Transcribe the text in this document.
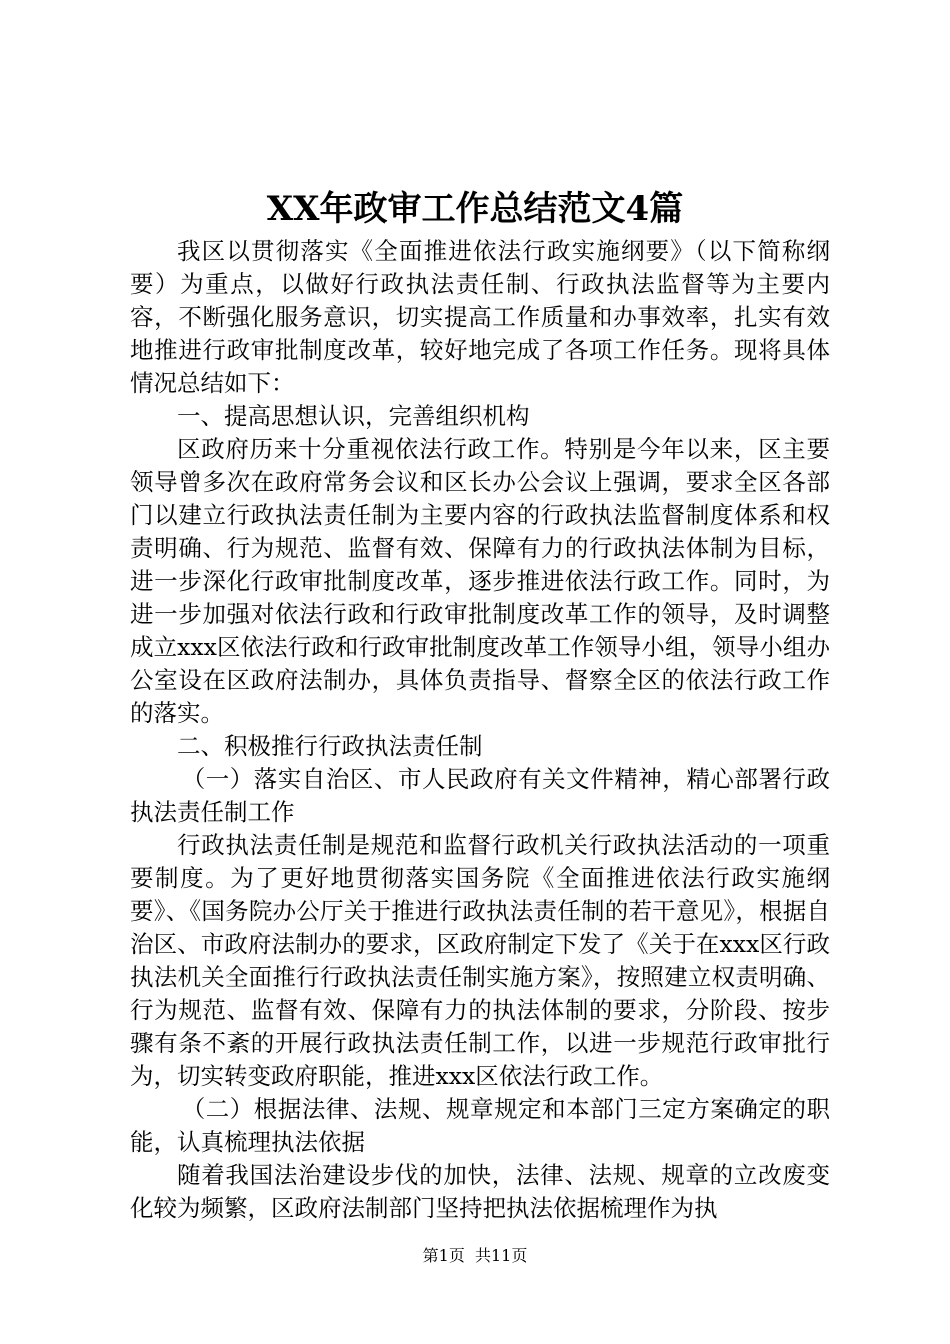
XX年政审工作总结范文4篇

我区以贯彻落实《全面推进依法行政实施纲要》（以下简称纲要）为重点，以做好行政执法责任制、行政执法监督等为主要内容，不断强化服务意识，切实提高工作质量和办事效率，扎实有效地推进行政审批制度改革，较好地完成了各项工作任务。现将具体情况总结如下：

一、提高思想认识，完善组织机构

区政府历来十分重视依法行政工作。特别是今年以来，区主要领导曾多次在政府常务会议和区长办公会议上强调，要求全区各部门以建立行政执法责任制为主要内容的行政执法监督制度体系和权责明确、行为规范、监督有效、保障有力的行政执法体制为目标，进一步深化行政审批制度改革，逐步推进依法行政工作。同时，为进一步加强对依法行政和行政审批制度改革工作的领导，及时调整成立xxx区依法行政和行政审批制度改革工作领导小组，领导小组办公室设在区政府法制办，具体负责指导、督察全区的依法行政工作的落实。

二、积极推行行政执法责任制

（一）落实自治区、市人民政府有关文件精神，精心部署行政执法责任制工作

行政执法责任制是规范和监督行政机关行政执法活动的一项重要制度。为了更好地贯彻落实国务院《全面推进依法行政实施纲要》、《国务院办公厅关于推进行政执法责任制的若干意见》，根据自治区、市政府法制办的要求，区政府制定下发了《关于在xxx区行政执法机关全面推行行政执法责任制实施方案》，按照建立权责明确、行为规范、监督有效、保障有力的执法体制的要求，分阶段、按步骤有条不紊的开展行政执法责任制工作，以进一步规范行政审批行为，切实转变政府职能，推进xxx区依法行政工作。

（二）根据法律、法规、规章规定和本部门三定方案确定的职能，认真梳理执法依据

随着我国法治建设步伐的加快，法律、法规、规章的立改废变化较为频繁，区政府法制部门坚持把执法依据梳理作为执

第1页  共11页
